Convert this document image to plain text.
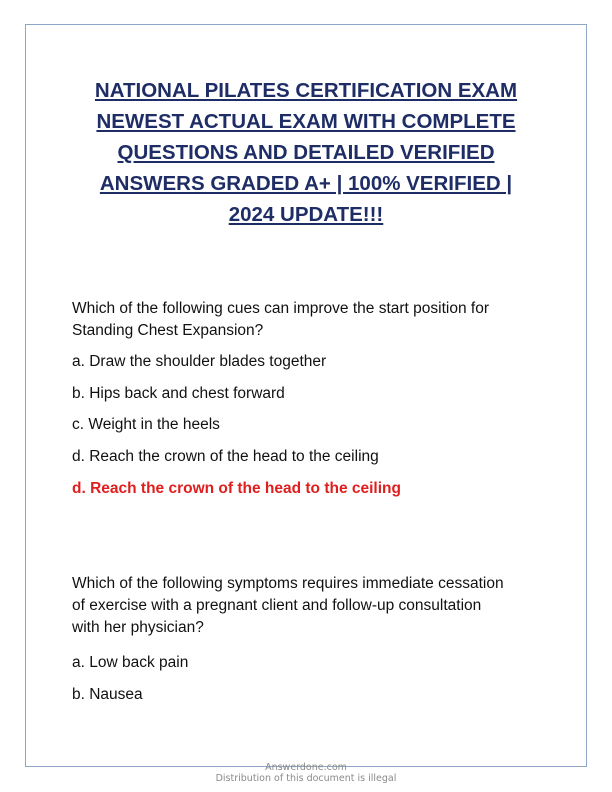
NATIONAL PILATES CERTIFICATION EXAM
NEWEST ACTUAL EXAM WITH COMPLETE
QUESTIONS AND DETAILED VERIFIED
ANSWERS GRADED A+ | 100% VERIFIED |
2024 UPDATE!!!
Which of the following cues can improve the start position for
Standing Chest Expansion?
a. Draw the shoulder blades together
b. Hips back and chest forward
c. Weight in the heels
d. Reach the crown of the head to the ceiling
d. Reach the crown of the head to the ceiling
Which of the following symptoms requires immediate cessation
of exercise with a pregnant client and follow-up consultation
with her physician?
a. Low back pain
b. Nausea
Answerdone.com
Distribution of this document is illegal
